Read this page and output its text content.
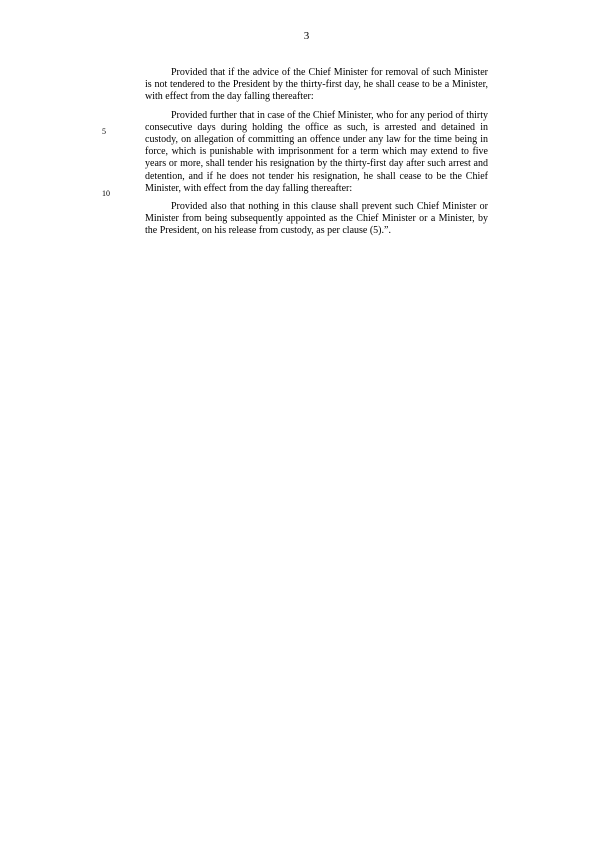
3
5
10

Provided that if the advice of the Chief Minister for removal of such Minister is not tendered to the President by the thirty-first day, he shall cease to be a Minister, with effect from the day falling thereafter:

Provided further that in case of the Chief Minister, who for any period of thirty consecutive days during holding the office as such, is arrested and detained in custody, on allegation of committing an offence under any law for the time being in force, which is punishable with imprisonment for a term which may extend to five years or more, shall tender his resignation by the thirty-first day after such arrest and detention, and if he does not tender his resignation, he shall cease to be the Chief Minister, with effect from the day falling thereafter:

Provided also that nothing in this clause shall prevent such Chief Minister or Minister from being subsequently appointed as the Chief Minister or a Minister, by the President, on his release from custody, as per clause (5).”.
